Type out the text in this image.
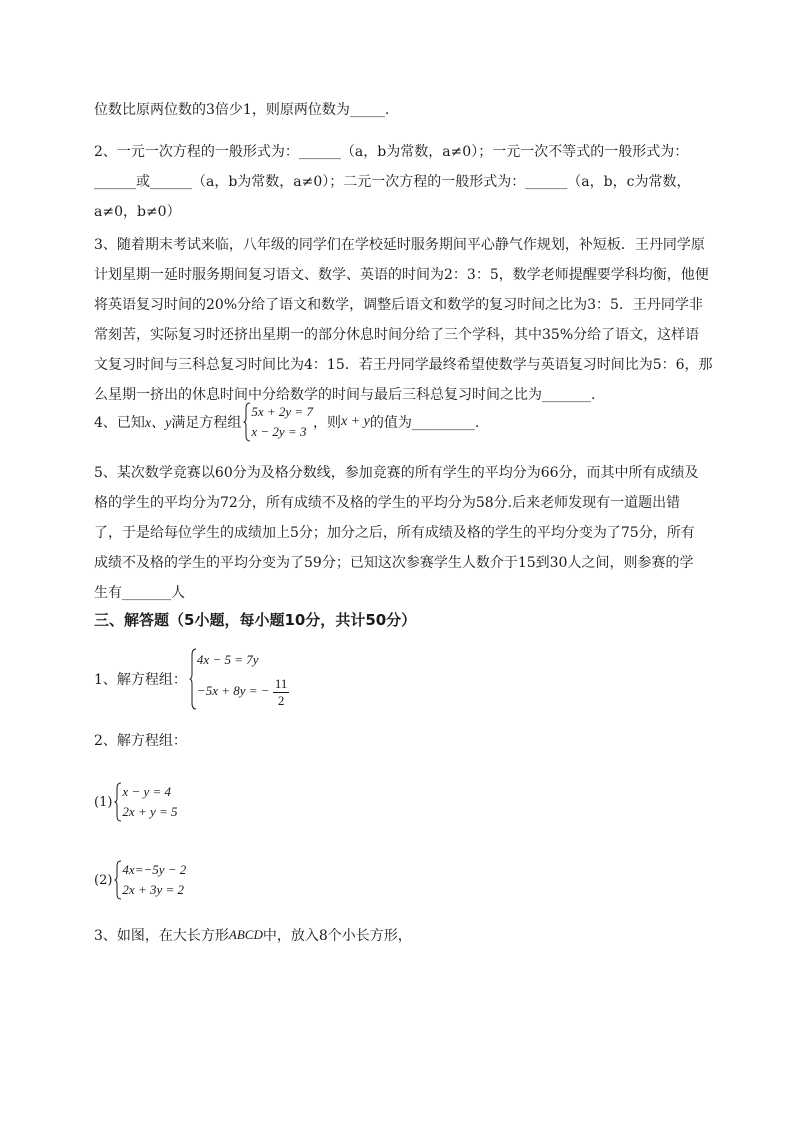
位数比原两位数的3倍少1，则原两位数为_____.
2、一元一次方程的一般形式为：______（a，b为常数，a≠0）；一元一次不等式的一般形式为：
______或______（a，b为常数，a≠0）；二元一次方程的一般形式为：______（a，b，c为常数，
a≠0，b≠0）
3、随着期末考试来临，八年级的同学们在学校延时服务期间平心静气作规划，补短板．王丹同学原
计划星期一延时服务期间复习语文、数学、英语的时间为2：3：5，数学老师提醒要学科均衡，他便
将英语复习时间的20%分给了语文和数学，调整后语文和数学的复习时间之比为3：5．王丹同学非
常刻苦，实际复习时还挤出星期一的部分休息时间分给了三个学科，其中35%分给了语文，这样语
文复习时间与三科总复习时间比为4：15．若王丹同学最终希望使数学与英语复习时间比为5：6，那
么星期一挤出的休息时间中分给数学的时间与最后三科总复习时间之比为_______.
4、已知 x、y 满足方程组
5x + 2y = 7
x − 2y = 3
，则 x + y 的值为_________.
5、某次数学竞赛以60分为及格分数线，参加竞赛的所有学生的平均分为66分，而其中所有成绩及
格的学生的平均分为72分，所有成绩不及格的学生的平均分为58分.后来老师发现有一道题出错
了，于是给每位学生的成绩加上5分；加分之后，所有成绩及格的学生的平均分变为了75分，所有
成绩不及格的学生的平均分变为了59分；已知这次参赛学生人数介于15到30人之间，则参赛的学
生有_______人
三、解答题（5小题，每小题10分，共计50分）
1、解方程组：
4x − 5 = 7y
−5x + 8y = − $\frac{11}{2}$
2、解方程组：
(1)
x − y = 4
2x + y = 5
(2)
4x=−5y − 2
2x + 3y = 2
3、如图，在大长方形 ABCD 中，放入8个小长方形，
